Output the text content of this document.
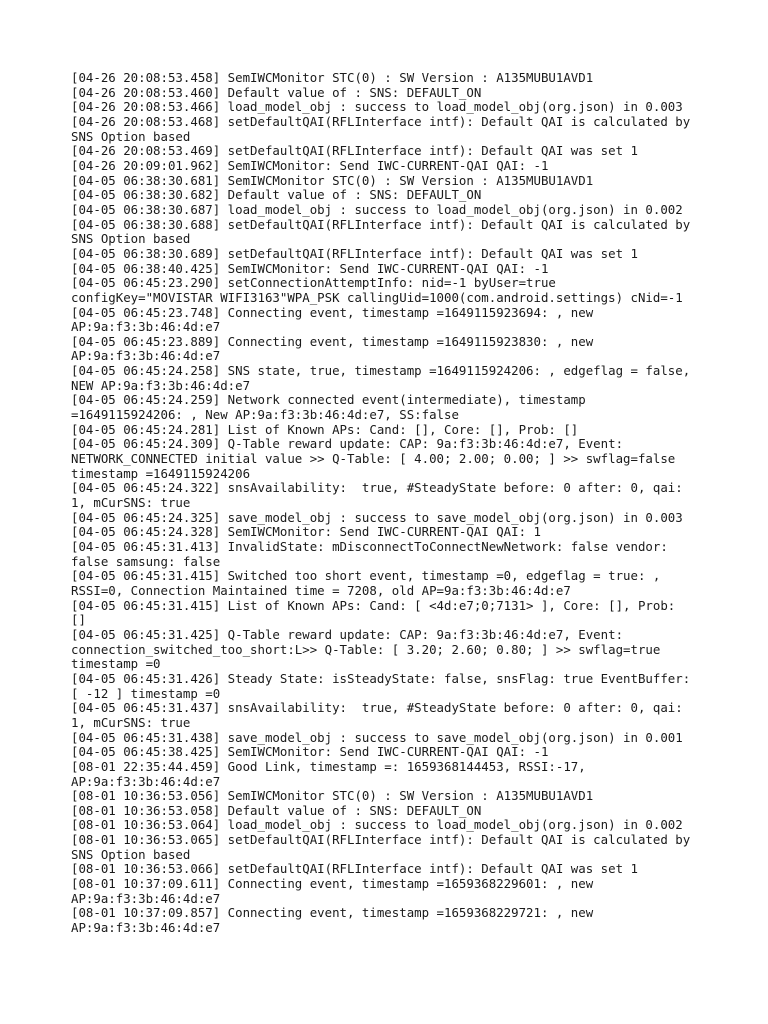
[04-26 20:08:53.458] SemIWCMonitor STC(0) : SW Version : A135MUBU1AVD1
[04-26 20:08:53.460] Default value of : SNS: DEFAULT_ON
[04-26 20:08:53.466] load_model_obj : success to load_model_obj(org.json) in 0.003
[04-26 20:08:53.468] setDefaultQAI(RFLInterface intf): Default QAI is calculated by
SNS Option based
[04-26 20:08:53.469] setDefaultQAI(RFLInterface intf): Default QAI was set 1
[04-26 20:09:01.962] SemIWCMonitor: Send IWC-CURRENT-QAI QAI: -1
[04-05 06:38:30.681] SemIWCMonitor STC(0) : SW Version : A135MUBU1AVD1
[04-05 06:38:30.682] Default value of : SNS: DEFAULT_ON
[04-05 06:38:30.687] load_model_obj : success to load_model_obj(org.json) in 0.002
[04-05 06:38:30.688] setDefaultQAI(RFLInterface intf): Default QAI is calculated by
SNS Option based
[04-05 06:38:30.689] setDefaultQAI(RFLInterface intf): Default QAI was set 1
[04-05 06:38:40.425] SemIWCMonitor: Send IWC-CURRENT-QAI QAI: -1
[04-05 06:45:23.290] setConnectionAttemptInfo: nid=-1 byUser=true
configKey="MOVISTAR WIFI3163"WPA_PSK callingUid=1000(com.android.settings) cNid=-1
[04-05 06:45:23.748] Connecting event, timestamp =1649115923694: , new
AP:9a:f3:3b:46:4d:e7
[04-05 06:45:23.889] Connecting event, timestamp =1649115923830: , new
AP:9a:f3:3b:46:4d:e7
[04-05 06:45:24.258] SNS state, true, timestamp =1649115924206: , edgeflag = false,
NEW AP:9a:f3:3b:46:4d:e7
[04-05 06:45:24.259] Network connected event(intermediate), timestamp
=1649115924206: , New AP:9a:f3:3b:46:4d:e7, SS:false
[04-05 06:45:24.281] List of Known APs: Cand: [], Core: [], Prob: []
[04-05 06:45:24.309] Q-Table reward update: CAP: 9a:f3:3b:46:4d:e7, Event:
NETWORK_CONNECTED initial value >> Q-Table: [ 4.00; 2.00; 0.00; ] >> swflag=false
timestamp =1649115924206
[04-05 06:45:24.322] snsAvailability:  true, #SteadyState before: 0 after: 0, qai:
1, mCurSNS: true
[04-05 06:45:24.325] save_model_obj : success to save_model_obj(org.json) in 0.003
[04-05 06:45:24.328] SemIWCMonitor: Send IWC-CURRENT-QAI QAI: 1
[04-05 06:45:31.413] InvalidState: mDisconnectToConnectNewNetwork: false vendor:
false samsung: false
[04-05 06:45:31.415] Switched too short event, timestamp =0, edgeflag = true: ,
RSSI=0, Connection Maintained time = 7208, old AP=9a:f3:3b:46:4d:e7
[04-05 06:45:31.415] List of Known APs: Cand: [ <4d:e7;0;7131> ], Core: [], Prob:
[]
[04-05 06:45:31.425] Q-Table reward update: CAP: 9a:f3:3b:46:4d:e7, Event:
connection_switched_too_short:L>> Q-Table: [ 3.20; 2.60; 0.80; ] >> swflag=true
timestamp =0
[04-05 06:45:31.426] Steady State: isSteadyState: false, snsFlag: true EventBuffer:
[ -12 ] timestamp =0
[04-05 06:45:31.437] snsAvailability:  true, #SteadyState before: 0 after: 0, qai:
1, mCurSNS: true
[04-05 06:45:31.438] save_model_obj : success to save_model_obj(org.json) in 0.001
[04-05 06:45:38.425] SemIWCMonitor: Send IWC-CURRENT-QAI QAI: -1
[08-01 22:35:44.459] Good Link, timestamp =: 1659368144453, RSSI:-17,
AP:9a:f3:3b:46:4d:e7
[08-01 10:36:53.056] SemIWCMonitor STC(0) : SW Version : A135MUBU1AVD1
[08-01 10:36:53.058] Default value of : SNS: DEFAULT_ON
[08-01 10:36:53.064] load_model_obj : success to load_model_obj(org.json) in 0.002
[08-01 10:36:53.065] setDefaultQAI(RFLInterface intf): Default QAI is calculated by
SNS Option based
[08-01 10:36:53.066] setDefaultQAI(RFLInterface intf): Default QAI was set 1
[08-01 10:37:09.611] Connecting event, timestamp =1659368229601: , new
AP:9a:f3:3b:46:4d:e7
[08-01 10:37:09.857] Connecting event, timestamp =1659368229721: , new
AP:9a:f3:3b:46:4d:e7
